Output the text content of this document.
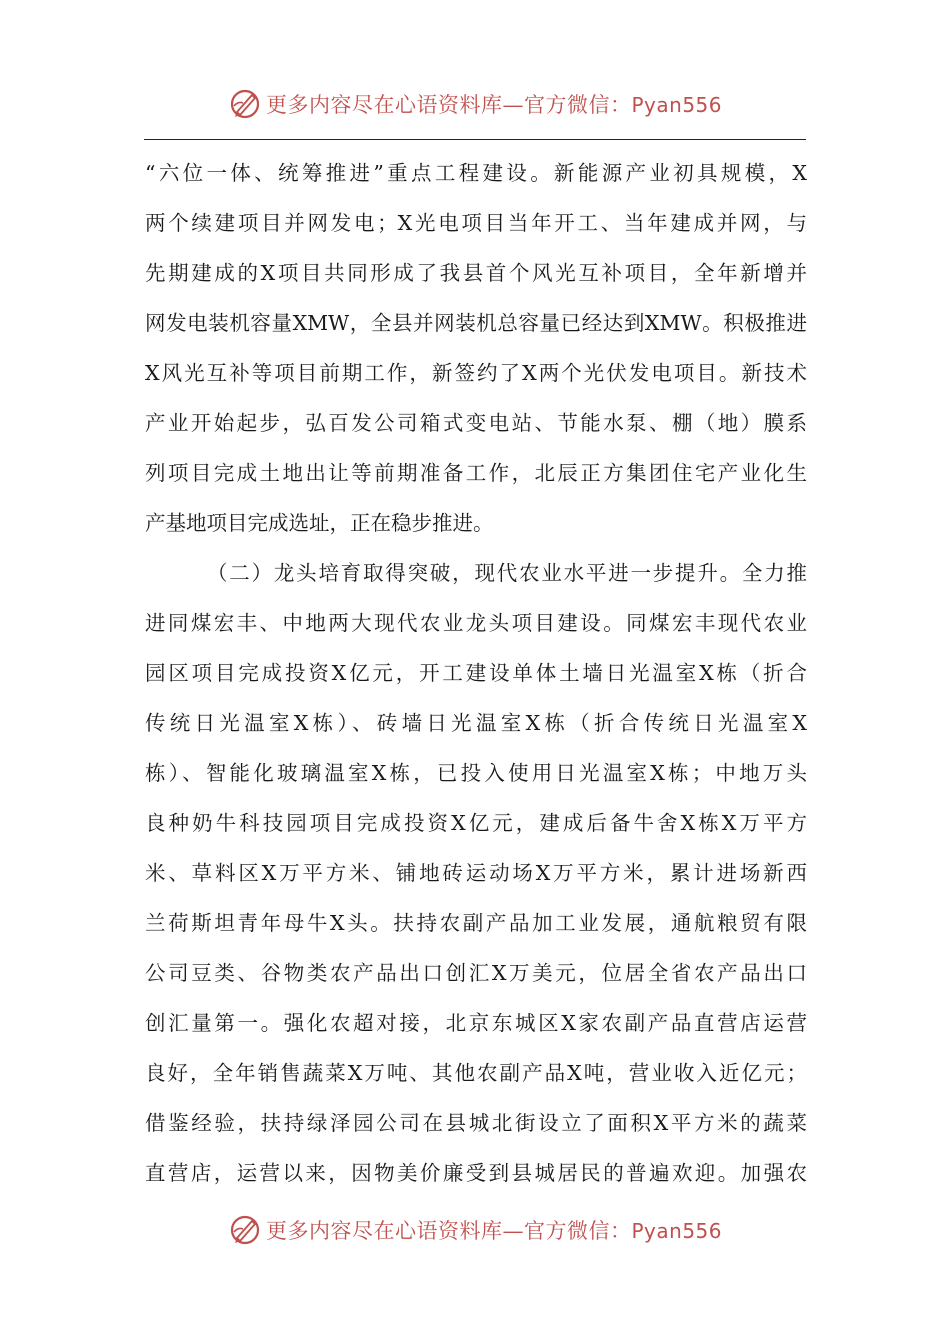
更多内容尽在心语资料库—官方微信：Pyan556
“六位一体、统筹推进”重点工程建设。新能源产业初具规模，X
两个续建项目并网发电；X光电项目当年开工、当年建成并网，与
先期建成的X项目共同形成了我县首个风光互补项目，全年新增并
网发电装机容量XMW，全县并网装机总容量已经达到XMW。积极推进
X风光互补等项目前期工作，新签约了X两个光伏发电项目。新技术
产业开始起步，弘百发公司箱式变电站、节能水泵、棚（地）膜系
列项目完成土地出让等前期准备工作，北辰正方集团住宅产业化生
产基地项目完成选址，正在稳步推进。
（二）龙头培育取得突破，现代农业水平进一步提升。全力推
进同煤宏丰、中地两大现代农业龙头项目建设。同煤宏丰现代农业
园区项目完成投资X亿元，开工建设单体土墙日光温室X栋（折合
传统日光温室X栋）、砖墙日光温室X栋（折合传统日光温室X
栋）、智能化玻璃温室X栋，已投入使用日光温室X栋；中地万头
良种奶牛科技园项目完成投资X亿元，建成后备牛舍X栋X万平方
米、草料区X万平方米、铺地砖运动场X万平方米，累计进场新西
兰荷斯坦青年母牛X头。扶持农副产品加工业发展，通航粮贸有限
公司豆类、谷物类农产品出口创汇X万美元，位居全省农产品出口
创汇量第一。强化农超对接，北京东城区X家农副产品直营店运营
良好，全年销售蔬菜X万吨、其他农副产品X吨，营业收入近亿元；
借鉴经验，扶持绿泽园公司在县城北街设立了面积X平方米的蔬菜
直营店，运营以来，因物美价廉受到县城居民的普遍欢迎。加强农
更多内容尽在心语资料库—官方微信：Pyan556
